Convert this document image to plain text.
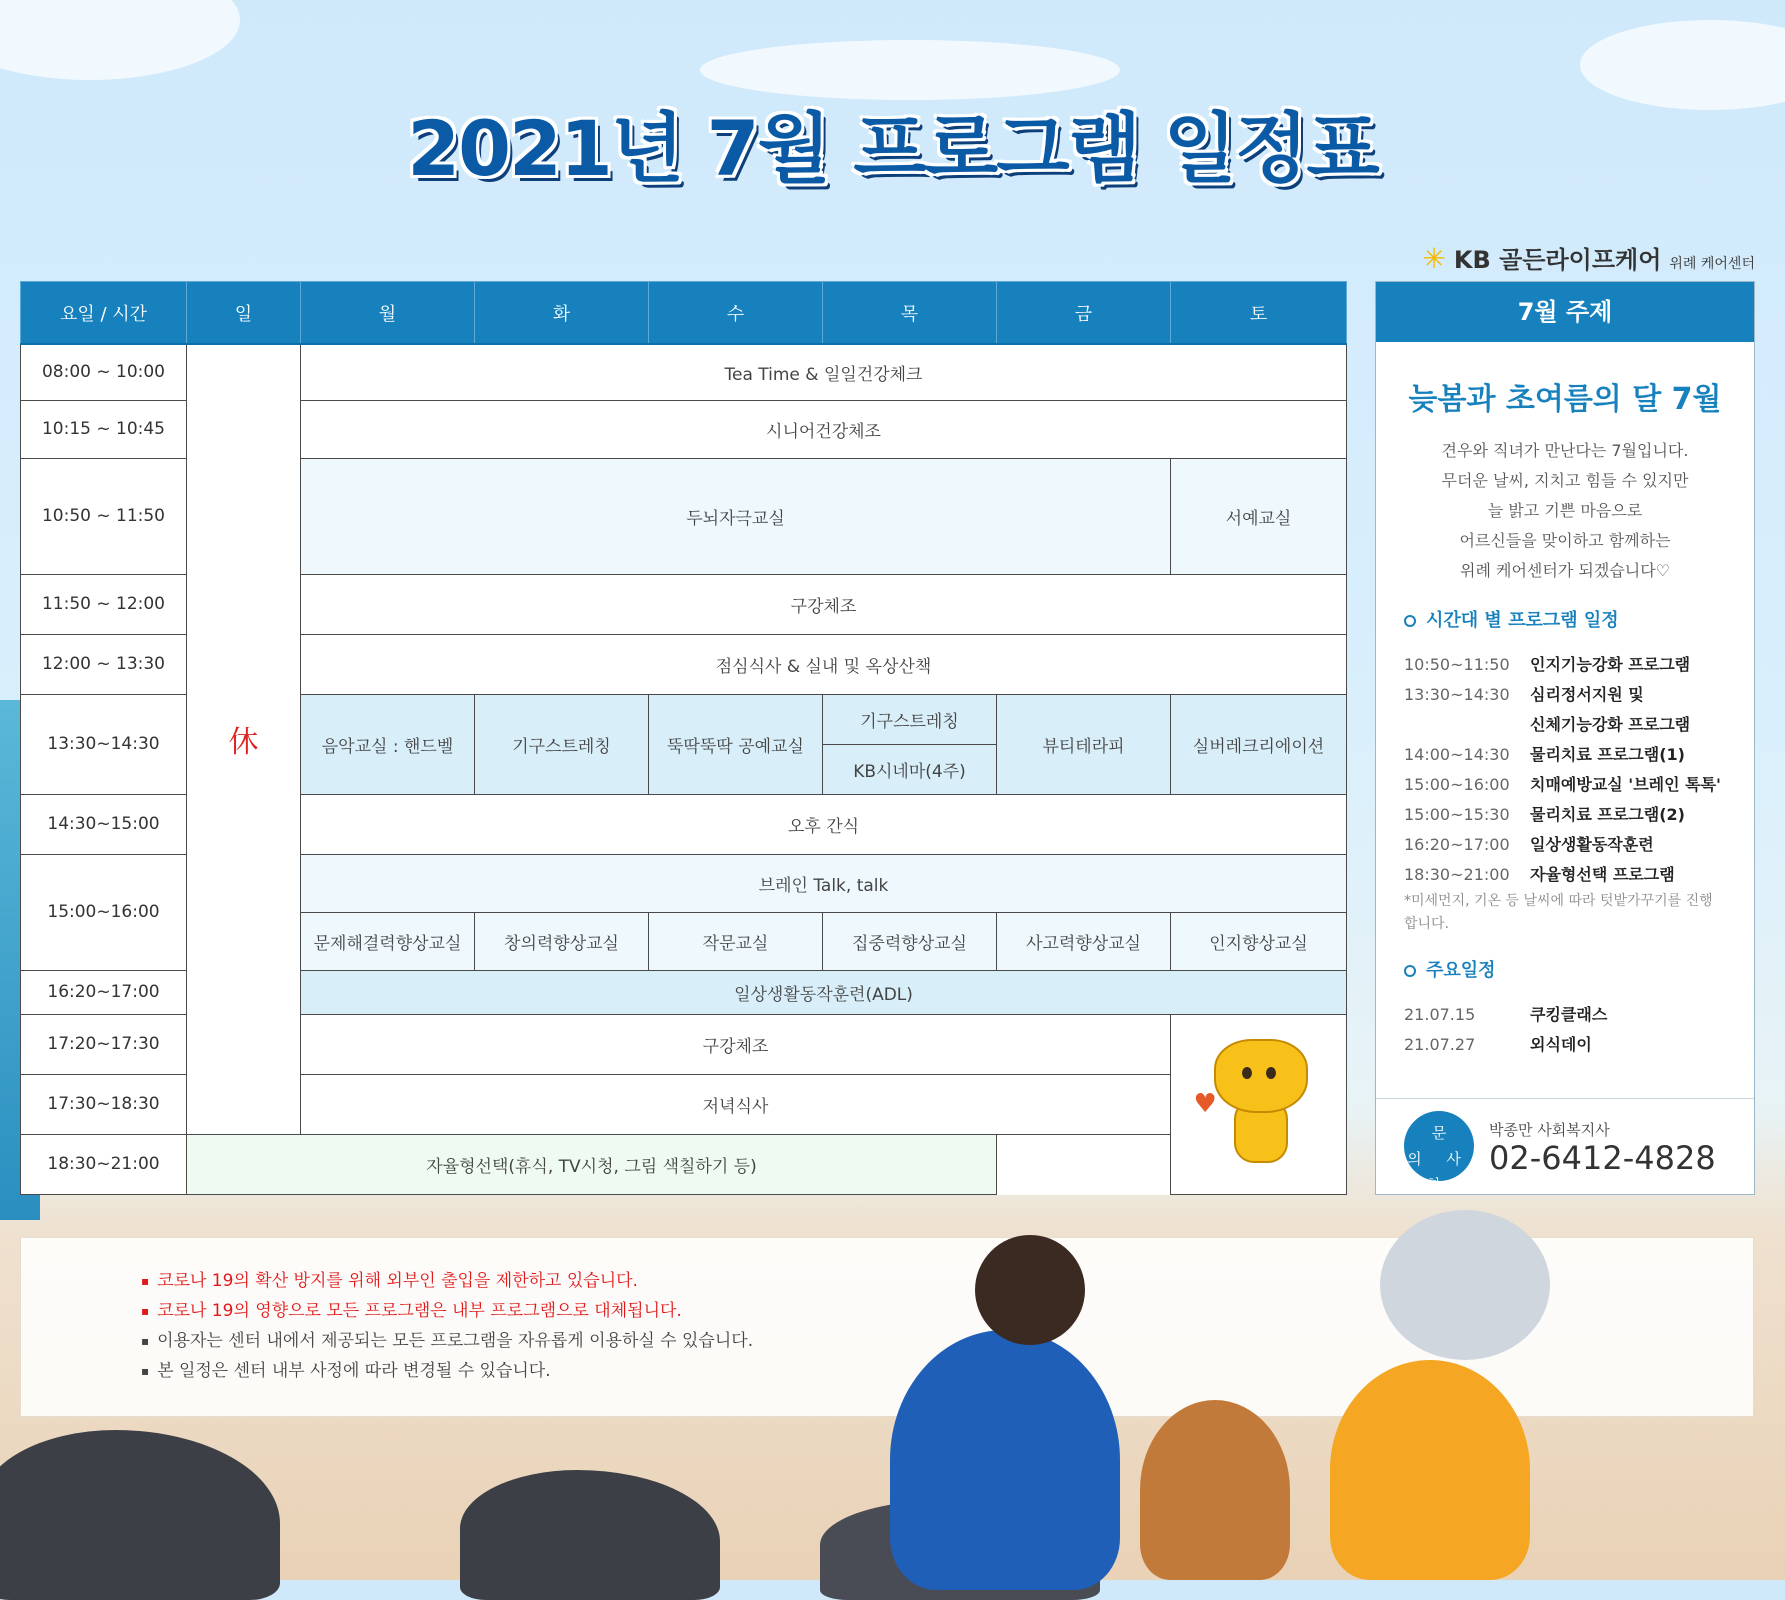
2021년 7월 프로그램 일정표
✳ KB 골든라이프케어 위례 케어센터
요일 / 시간	일	월	화	수	목	금	토
08:00 ~ 10:00	休	Tea Time & 일일건강체크					
10:15 ~ 10:45		시니어건강체조					
10:50 ~ 11:50		두뇌자극교실					서예교실
11:50 ~ 12:00		구강체조					
12:00 ~ 13:30		점심식사 & 실내 및 옥상산책					
13:30~14:30		음악교실 : 핸드벨	기구스트레칭	뚝딱뚝딱 공예교실	기구스트레칭	뷰티테라피	실버레크리에이션
					KB시네마(4주)		
14:30~15:00		오후 간식					
15:00~16:00		브레인 Talk, talk					
		문제해결력향상교실	창의력향상교실	작문교실	집중력향상교실	사고력향상교실	인지향상교실
16:20~17:00		일상생활동작훈련(ADL)					
17:20~17:30		구강체조					♥

17:30~18:30		저녁식사					
18:30~21:00	자율형선택(휴식, TV시청, 그림 색칠하기 등)						
7월 주제
늦봄과 초여름의 달 7월
견우와 직녀가 만난다는 7월입니다.
무더운 날씨, 지치고 힘들 수 있지만
늘 밝고 기쁜 마음으로
어르신들을 맞이하고 함께하는
위례 케어센터가 되겠습니다♡
시간대 별 프로그램 일정
10:50~11:50	인지기능강화 프로그램
13:30~14:30	심리정서지원 및
신체기능강화 프로그램
14:00~14:30	물리치료 프로그램(1)
15:00~16:00	치매예방교실 '브레인 톡톡'
15:00~15:30	물리치료 프로그램(2)
16:20~17:00	일상생활동작훈련
18:30~21:00	자율형선택 프로그램
*미세먼지, 기온 등 날씨에 따라 텃밭가꾸기를 진행합니다.
주요일정
21.07.15	쿠킹클래스
21.07.27	외식데이
문 의 사 항
박종만 사회복지사
02-6412-4828
▪ 코로나 19의 확산 방지를 위해 외부인 출입을 제한하고 있습니다.
▪ 코로나 19의 영향으로 모든 프로그램은 내부 프로그램으로 대체됩니다.
▪ 이용자는 센터 내에서 제공되는 모든 프로그램을 자유롭게 이용하실 수 있습니다.
▪ 본 일정은 센터 내부 사정에 따라 변경될 수 있습니다.
